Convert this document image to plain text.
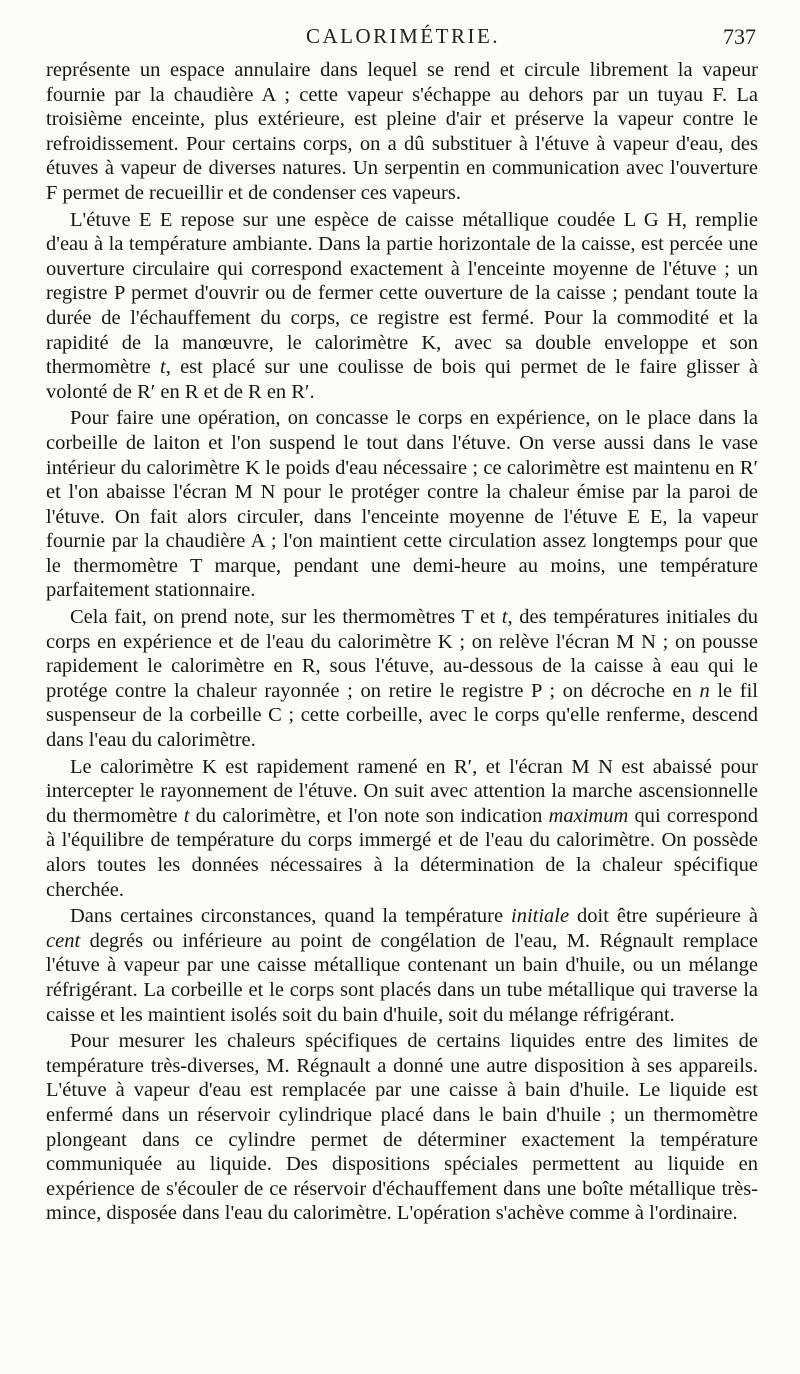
CALORIMÉTRIE.	737

représente un espace annulaire dans lequel se rend et circule librement la vapeur fournie par la chaudière A ; cette vapeur s'échappe au dehors par un tuyau F. La troisième enceinte, plus extérieure, est pleine d'air et préserve la vapeur contre le refroidissement. Pour certains corps, on a dû substituer à l'étuve à vapeur d'eau, des étuves à vapeur de diverses natures. Un serpentin en communication avec l'ouverture F permet de recueillir et de condenser ces vapeurs.

L'étuve E E repose sur une espèce de caisse métallique coudée L G H, remplie d'eau à la température ambiante. Dans la partie horizontale de la caisse, est percée une ouverture circulaire qui correspond exactement à l'enceinte moyenne de l'étuve ; un registre P permet d'ouvrir ou de fermer cette ouverture de la caisse ; pendant toute la durée de l'échauffement du corps, ce registre est fermé. Pour la commodité et la rapidité de la manœuvre, le calorimètre K, avec sa double enveloppe et son thermomètre t, est placé sur une coulisse de bois qui permet de le faire glisser à volonté de R′ en R et de R en R′.

Pour faire une opération, on concasse le corps en expérience, on le place dans la corbeille de laiton et l'on suspend le tout dans l'étuve. On verse aussi dans le vase intérieur du calorimètre K le poids d'eau nécessaire ; ce calorimètre est maintenu en R′ et l'on abaisse l'écran M N pour le protéger contre la chaleur émise par la paroi de l'étuve. On fait alors circuler, dans l'enceinte moyenne de l'étuve E E, la vapeur fournie par la chaudière A ; l'on maintient cette circulation assez longtemps pour que le thermomètre T marque, pendant une demi-heure au moins, une température parfaitement stationnaire.

Cela fait, on prend note, sur les thermomètres T et t, des températures initiales du corps en expérience et de l'eau du calorimètre K ; on relève l'écran M N ; on pousse rapidement le calorimètre en R, sous l'étuve, au-dessous de la caisse à eau qui le protége contre la chaleur rayonnée ; on retire le registre P ; on décroche en n le fil suspenseur de la corbeille C ; cette corbeille, avec le corps qu'elle renferme, descend dans l'eau du calorimètre.

Le calorimètre K est rapidement ramené en R′, et l'écran M N est abaissé pour intercepter le rayonnement de l'étuve. On suit avec attention la marche ascensionnelle du thermomètre t du calorimètre, et l'on note son indication maximum qui correspond à l'équilibre de température du corps immergé et de l'eau du calorimètre. On possède alors toutes les données nécessaires à la détermination de la chaleur spécifique cherchée.

Dans certaines circonstances, quand la température initiale doit être supérieure à cent degrés ou inférieure au point de congélation de l'eau, M. Régnault remplace l'étuve à vapeur par une caisse métallique contenant un bain d'huile, ou un mélange réfrigérant. La corbeille et le corps sont placés dans un tube métallique qui traverse la caisse et les maintient isolés soit du bain d'huile, soit du mélange réfrigérant.

Pour mesurer les chaleurs spécifiques de certains liquides entre des limites de température très-diverses, M. Régnault a donné une autre disposition à ses appareils. L'étuve à vapeur d'eau est remplacée par une caisse à bain d'huile. Le liquide est enfermé dans un réservoir cylindrique placé dans le bain d'huile ; un thermomètre plongeant dans ce cylindre permet de déterminer exactement la température communiquée au liquide. Des dispositions spéciales permettent au liquide en expérience de s'écouler de ce réservoir d'échauffement dans une boîte métallique très-mince, disposée dans l'eau du calorimètre. L'opération s'achève comme à l'ordinaire.
